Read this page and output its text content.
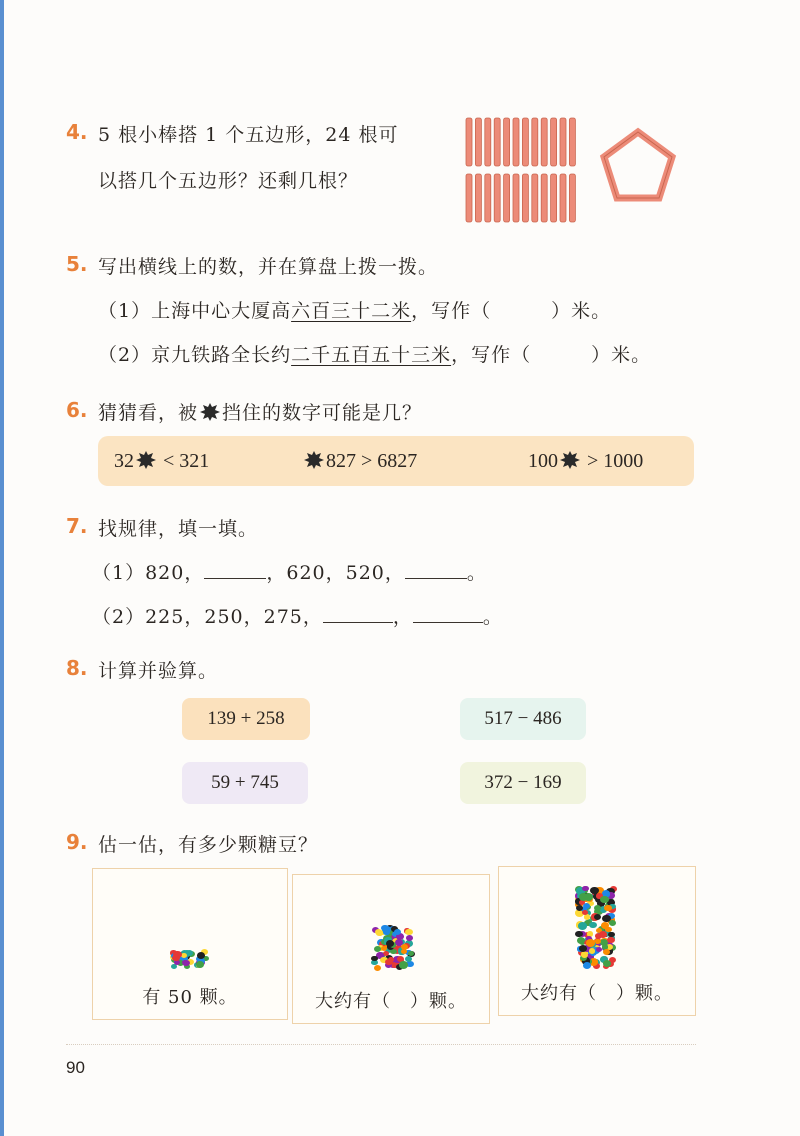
4. 5 根小棒搭 1 个五边形，24 根可
以搭几个五边形？还剩几根？
5. 写出横线上的数，并在算盘上拨一拨。
（1）上海中心大厦高六百三十二米，写作（　　　）米。
（2）京九铁路全长约二千五百五十三米，写作（　　　）米。
6. 猜猜看，被 挡住的数字可能是几？
32 < 321	827 > 6827	100 > 1000
7. 找规律，填一填。
（1）820，	，620，520，	。
（2）225，250，275，	，	。
8. 计算并验算。
139 + 258	517 − 486
59 + 745	372 − 169
9. 估一估，有多少颗糖豆？
有 50 颗。	大约有（　）颗。	大约有（　）颗。
90
